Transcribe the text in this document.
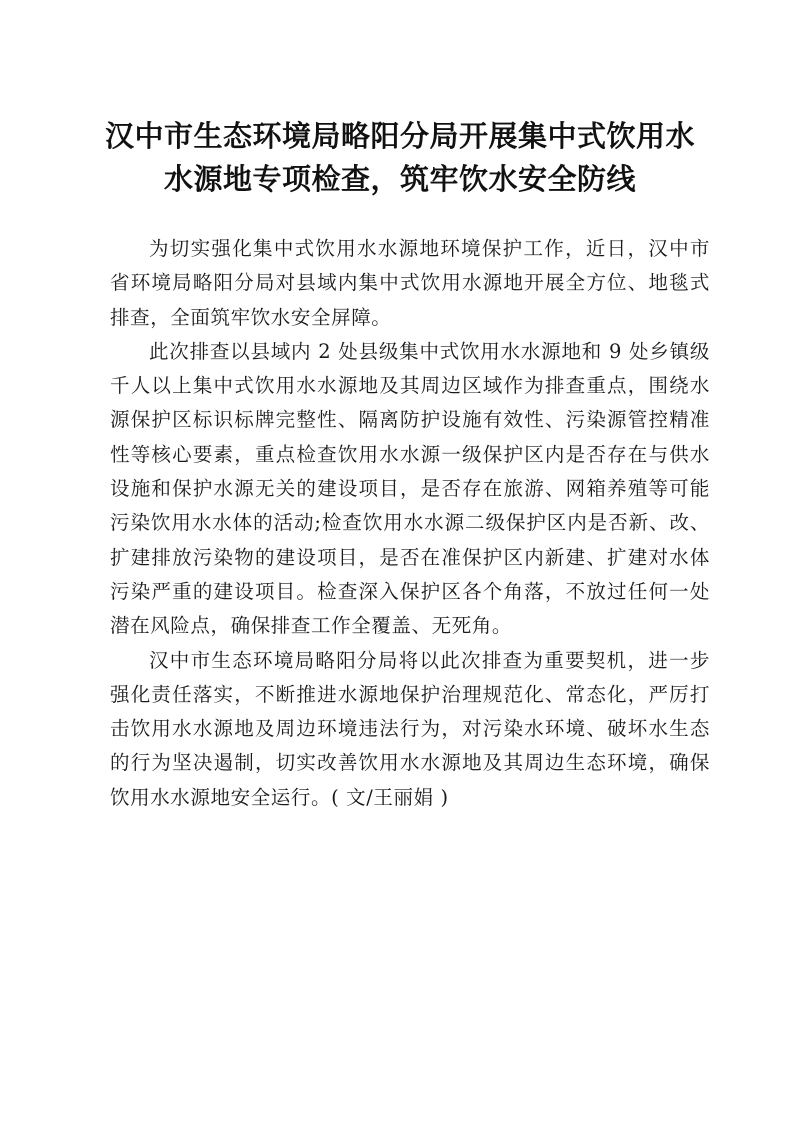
汉中市生态环境局略阳分局开展集中式饮用水水源地专项检查，筑牢饮水安全防线

为切实强化集中式饮用水水源地环境保护工作，近日，汉中市省环境局略阳分局对县域内集中式饮用水源地开展全方位、地毯式排查，全面筑牢饮水安全屏障。

此次排查以县域内 2 处县级集中式饮用水水源地和 9 处乡镇级千人以上集中式饮用水水源地及其周边区域作为排查重点，围绕水源保护区标识标牌完整性、隔离防护设施有效性、污染源管控精准性等核心要素，重点检查饮用水水源一级保护区内是否存在与供水设施和保护水源无关的建设项目，是否存在旅游、网箱养殖等可能污染饮用水水体的活动;检查饮用水水源二级保护区内是否新、改、扩建排放污染物的建设项目，是否在准保护区内新建、扩建对水体污染严重的建设项目。检查深入保护区各个角落，不放过任何一处潜在风险点，确保排查工作全覆盖、无死角。

汉中市生态环境局略阳分局将以此次排查为重要契机，进一步强化责任落实，不断推进水源地保护治理规范化、常态化，严厉打击饮用水水源地及周边环境违法行为，对污染水环境、破坏水生态的行为坚决遏制，切实改善饮用水水源地及其周边生态环境，确保饮用水水源地安全运行。( 文/王丽娟 )
